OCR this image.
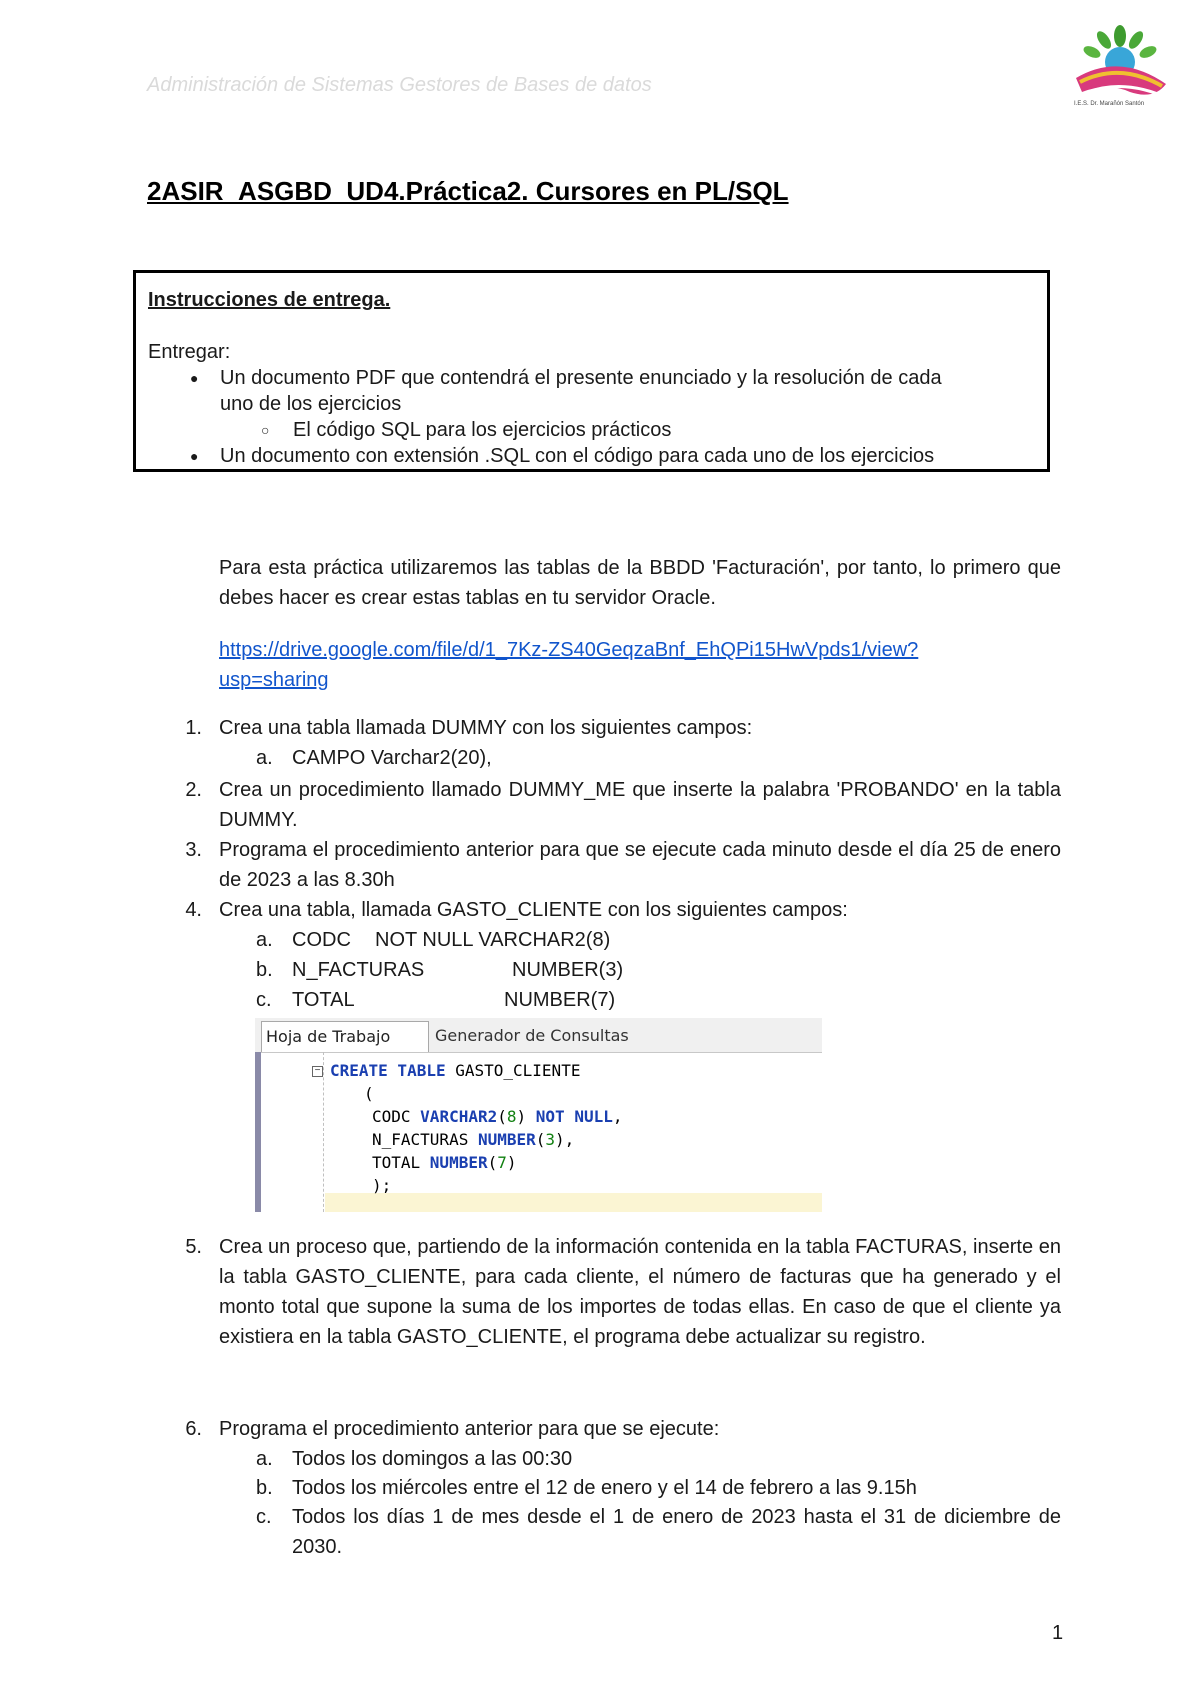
Administración de Sistemas Gestores de Bases de datos
I.E.S. Dr. Marañón Santón
2ASIR_ASGBD_UD4.Práctica2. Cursores en PL/SQL
Instrucciones de entrega.
Entregar:
● Un documento PDF que contendrá el presente enunciado y la resolución de cada
uno de los ejercicios
○ El código SQL para los ejercicios prácticos
● Un documento con extensión .SQL con el código para cada uno de los ejercicios
Para esta práctica utilizaremos las tablas de la BBDD 'Facturación', por tanto, lo primero que debes hacer es crear estas tablas en tu servidor Oracle.
https://drive.google.com/file/d/1_7Kz-ZS40GeqzaBnf_EhQPi15HwVpds1/view?
usp=sharing
1. Crea una tabla llamada DUMMY con los siguientes campos:
a. CAMPO Varchar2(20),
2. Crea un procedimiento llamado DUMMY_ME que inserte la palabra 'PROBANDO' en la tabla DUMMY.
3. Programa el procedimiento anterior para que se ejecute cada minuto desde el día 25 de enero de 2023 a las 8.30h
4. Crea una tabla, llamada GASTO_CLIENTE con los siguientes campos:
a. CODC NOT NULL VARCHAR2(8)
b. N_FACTURAS	NUMBER(3)
c. TOTAL	NUMBER(7)
Hoja de Trabajo	Generador de Consultas
− CREATE TABLE GASTO_CLIENTE
(
CODC VARCHAR2(8) NOT NULL,
N_FACTURAS NUMBER(3),
TOTAL NUMBER(7)
);
5. Crea un proceso que, partiendo de la información contenida en la tabla FACTURAS, inserte en la tabla GASTO_CLIENTE, para cada cliente, el número de facturas que ha generado y el monto total que supone la suma de los importes de todas ellas. En caso de que el cliente ya existiera en la tabla GASTO_CLIENTE, el programa debe actualizar su registro.
6. Programa el procedimiento anterior para que se ejecute:
a. Todos los domingos a las 00:30
b. Todos los miércoles entre el 12 de enero y el 14 de febrero a las 9.15h
c. Todos los días 1 de mes desde el 1 de enero de 2023 hasta el 31 de diciembre de 2030.
1
